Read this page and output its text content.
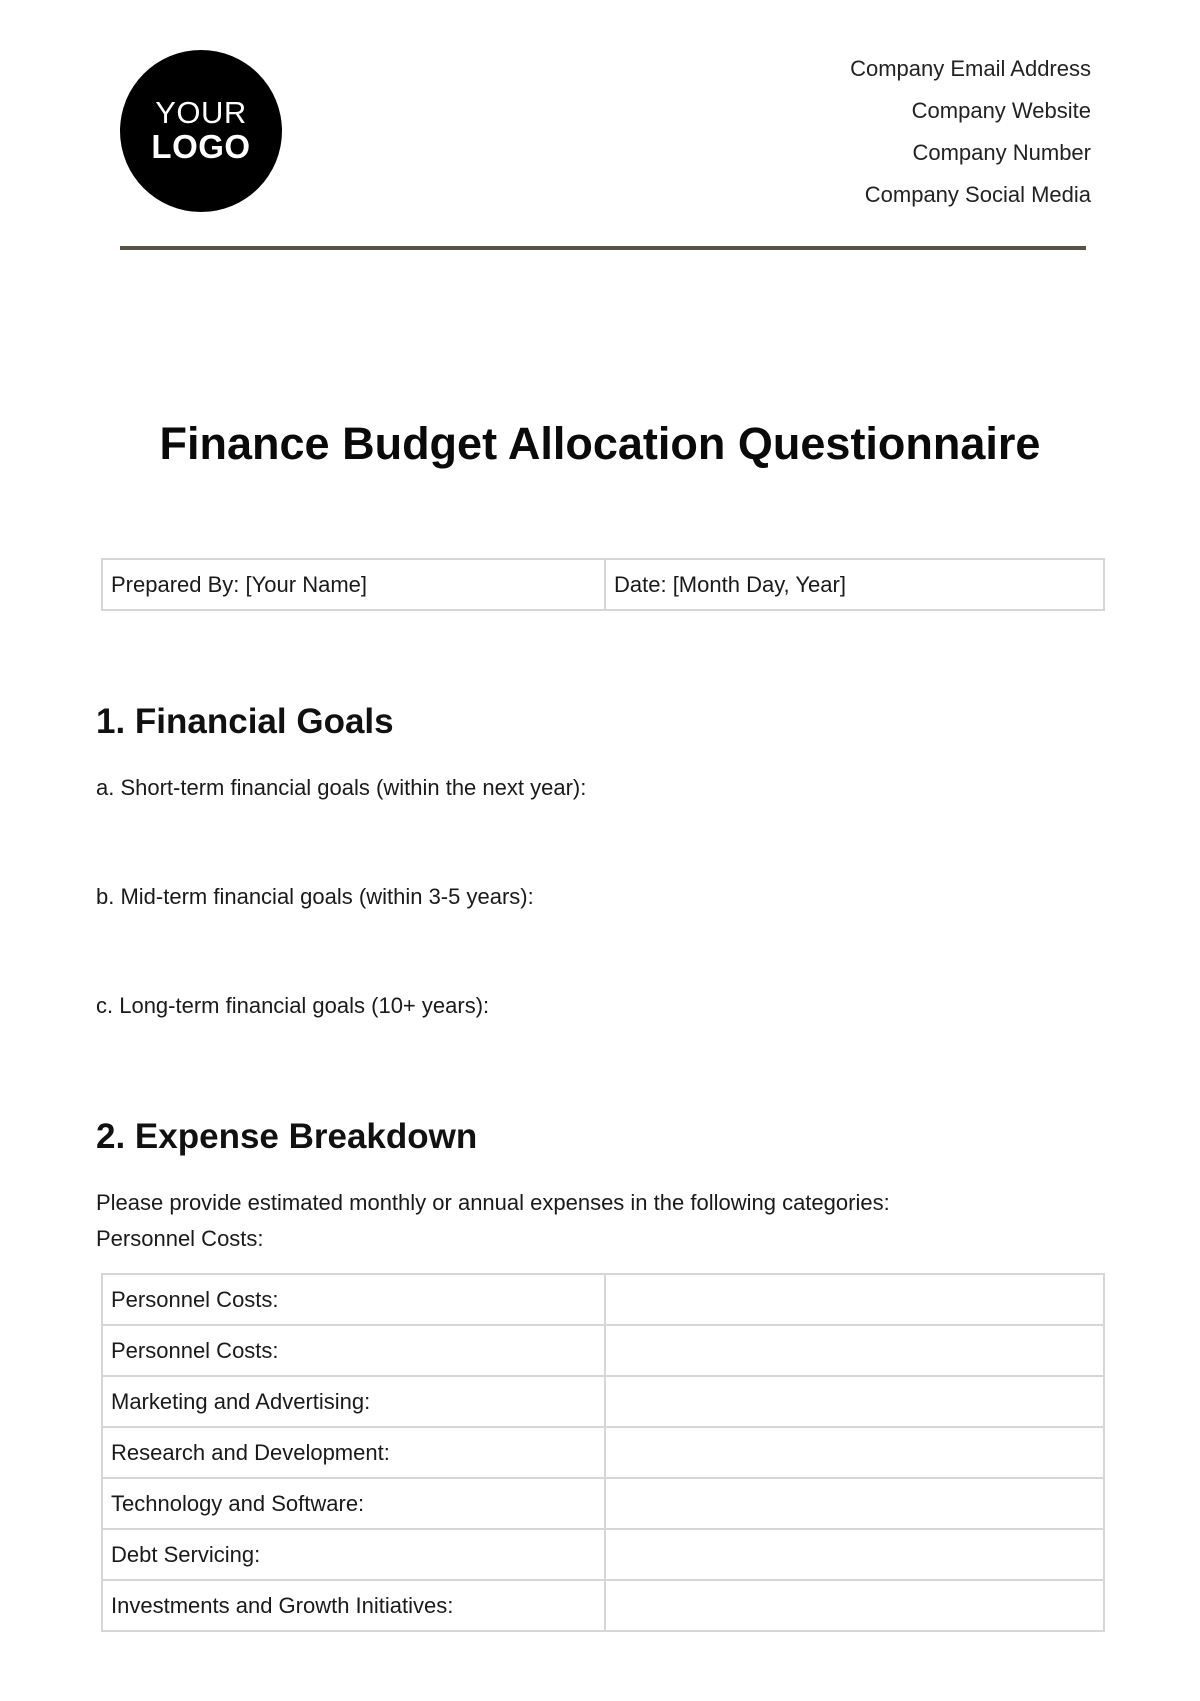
YOUR
LOGO
Company Email Address
Company Website
Company Number
Company Social Media
Finance Budget Allocation Questionnaire
Prepared By: [Your Name]	Date: [Month Day, Year]
1. Financial Goals

a. Short-term financial goals (within the next year):

b. Mid-term financial goals (within 3-5 years):

c. Long-term financial goals (10+ years):

2. Expense Breakdown

Please provide estimated monthly or annual expenses in the following categories:

Personnel Costs:

Personnel Costs:	
Personnel Costs:	
Marketing and Advertising:	
Research and Development:	
Technology and Software:	
Debt Servicing:	
Investments and Growth Initiatives:	
